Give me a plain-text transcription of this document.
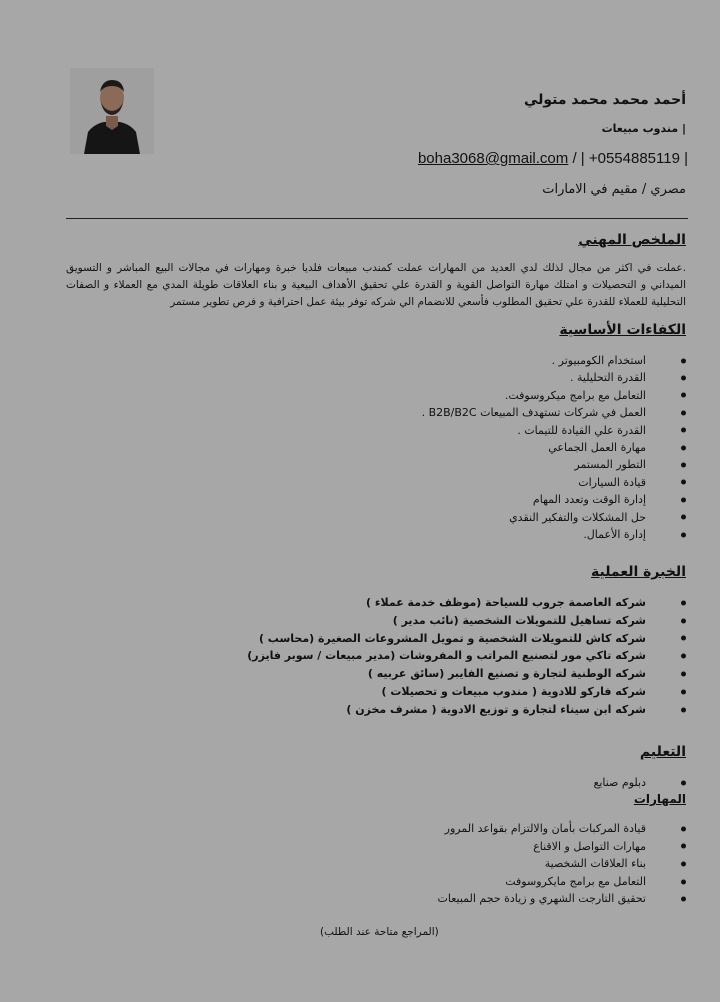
أحمد محمد محمد متولي
| مندوب مبيعات
boha3068@gmail.com / | +0554885119 |
مصري / مقيم في الامارات
الملخص المهني
.عملت في اكثر من مجال لذلك لدي العديد من المهارات عملت كمندب مبيعات فلديا خبرة ومهارات في مجالات البيع المباشر و التسويق الميداني و التحصيلات و امتلك مهارة التواصل القوية و القدرة علي تحقيق الأهداف البيعية و بناء العلاقات طويلة المدي مع العملاء و الصفات التحليلية للعملاء للقدرة علي تحقيق المطلوب فأسعي للانضمام الي شركه توفر بيئة عمل احترافية و فرص تطوير مستمر
الكفاءات الأساسية
استخدام الكومبيوتر .
القدرة التحليلية .
التعامل مع برامج ميكروسوفت.
العمل في شركات تستهدف المبيعات B2B/B2C .
القدرة علي القيادة للتيمات .
مهارة العمل الجماعي
التطور المستمر
قيادة السيارات
إدارة الوقت وتعدد المهام
حل المشكلات والتفكير النقدي
إدارة الأعمال.
الخبرة العملية
شركه العاصمة جروب للسياحة (موظف خدمة عملاء )
شركه تساهيل للتمويلات الشخصية (نائب مدير )
شركه كاش للتمويلات الشخصية و تمويل المشروعات الصغيرة (محاسب )
شركه تاكي مور لتصنيع المراتب و المفروشات (مدير مبيعات / سوبر فايزر)
شركه الوطنية لتجارة و تصنيع الفايبر (سائق عربيه )
شركه فاركو للادوية ( مندوب مبيعات و تحصيلات )
شركه ابن سيناء لتجارة و توزيع الادوية ( مشرف مخزن )
التعليم
دبلوم صنايع
المهارات
قيادة المركبات بأمان والالتزام بقواعد المرور
مهارات التواصل و الاقناع
بناء العلاقات الشخصية
التعامل مع برامج مايكروسوفت
تحقيق التارجت الشهري و زيادة حجم المبيعات
(المراجع متاحة عند الطلب)
